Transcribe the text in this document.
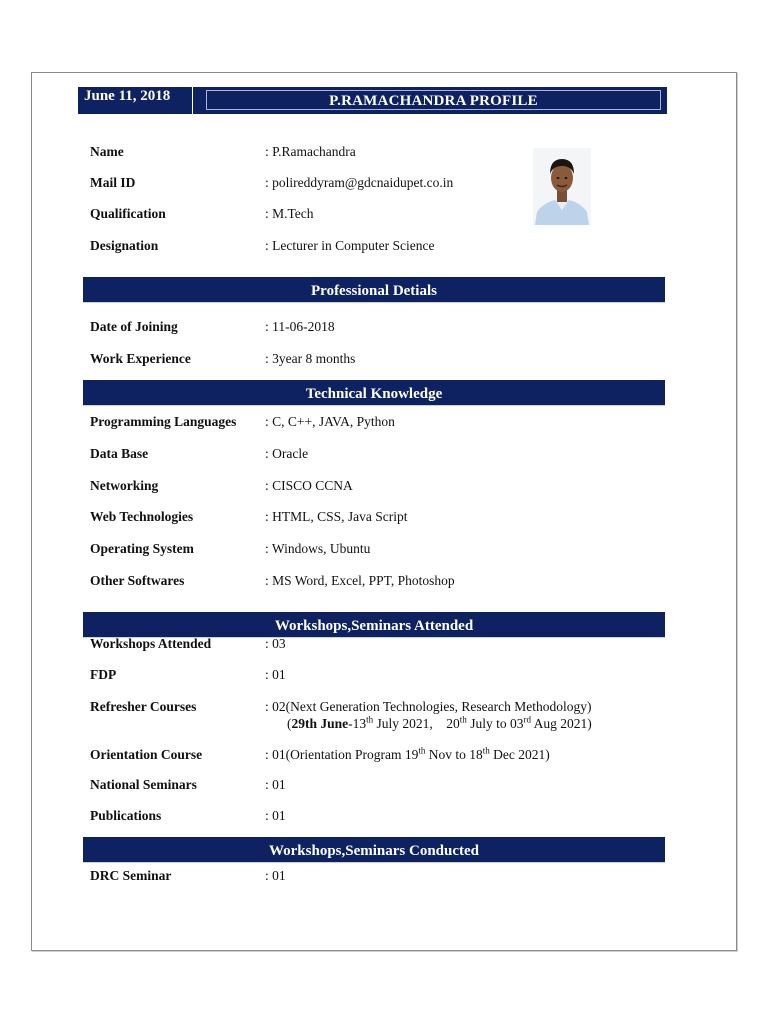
June 11, 2018	P.RAMACHANDRA PROFILE
Name	: P.Ramachandra
Mail ID	: polireddyram@gdcnaidupet.co.in
Qualification	: M.Tech
Designation	: Lecturer in Computer Science
Professional Detials
Date of Joining	: 11-06-2018
Work Experience	: 3year 8 months
Technical Knowledge
Programming Languages : C, C++, JAVA, Python
Data Base	: Oracle
Networking	: CISCO CCNA
Web Technologies	: HTML, CSS, Java Script
Operating System	: Windows, Ubuntu
Other Softwares	: MS Word, Excel, PPT, Photoshop
Workshops,Seminars Attended
Workshops Attended	: 03
FDP	: 01
Refresher Courses	: 02(Next Generation Technologies, Research Methodology)
(29th June-13th July 2021,    20th July to 03rd Aug 2021)
Orientation Course	: 01(Orientation Program 19th Nov to 18th Dec 2021)
National Seminars	: 01
Publications	: 01
Workshops,Seminars Conducted
DRC Seminar	: 01
